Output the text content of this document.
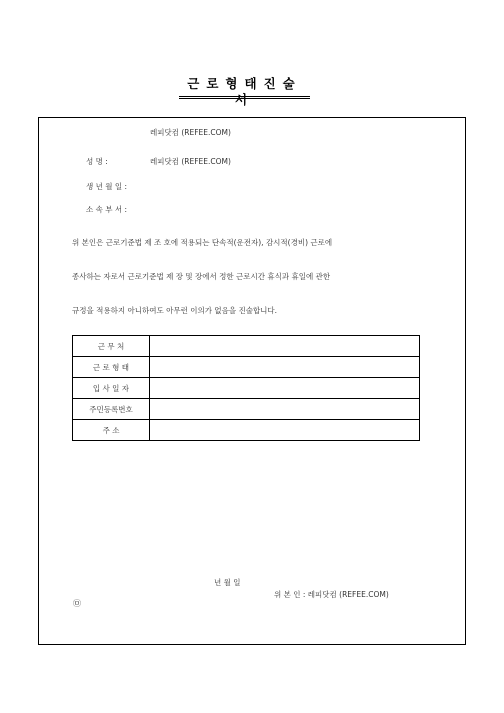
근로형태진술서
레피닷컴 (REFEE.COM)
성 명 :	레피닷컴 (REFEE.COM)
생 년 월 일 :
소 속 부 서 :
위 본인은 근로기준법 제 조 호에 적용되는 단속적(운전자), 감시적(경비) 근로에
종사하는 자로서 근로기준법 제 장 및 장에서 정한 근로시간 휴식과 휴일에 관한
규정을 적용하지 아니하여도 아무런 이의가 없음을 진술합니다.
근 무 처	
근 로 형 태	
입 사 일 자	
주민등록번호	
주 소	
년 월 일
위 본 인 : 레피닷컴 (REFEE.COM)
㉤
